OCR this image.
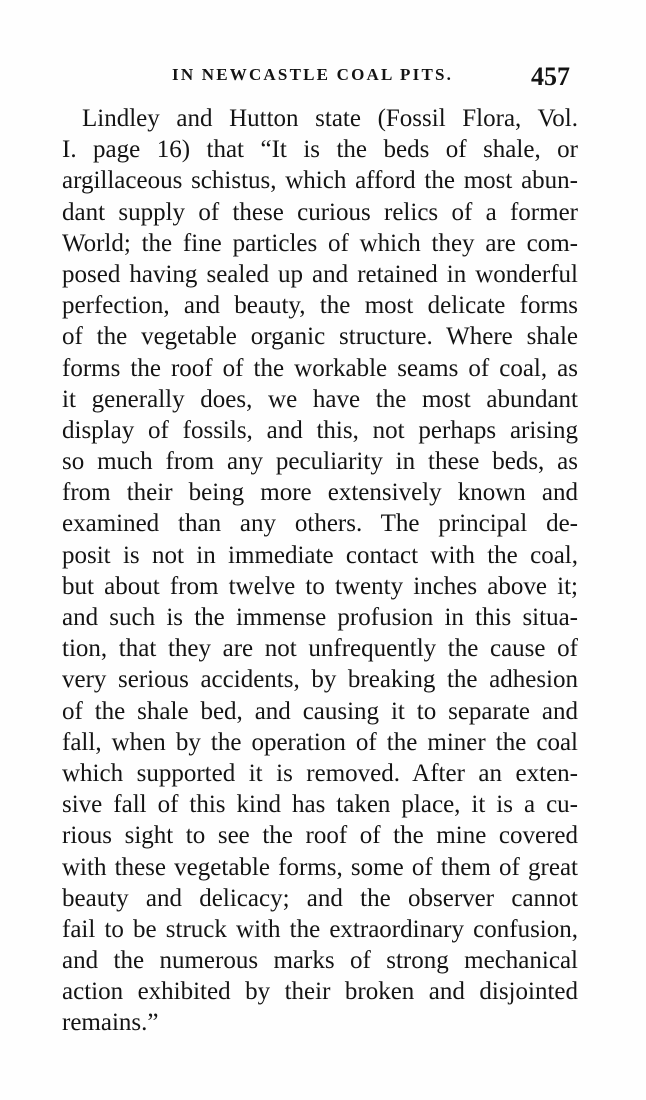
IN NEWCASTLE COAL PITS.	457
Lindley and Hutton state (Fossil Flora, Vol.
I. page 16) that “It is the beds of shale, or
argillaceous schistus, which afford the most abun-
dant supply of these curious relics of a former
World; the fine particles of which they are com-
posed having sealed up and retained in wonderful
perfection, and beauty, the most delicate forms
of the vegetable organic structure. Where shale
forms the roof of the workable seams of coal, as
it generally does, we have the most abundant
display of fossils, and this, not perhaps arising
so much from any peculiarity in these beds, as
from their being more extensively known and
examined than any others. The principal de-
posit is not in immediate contact with the coal,
but about from twelve to twenty inches above it;
and such is the immense profusion in this situa-
tion, that they are not unfrequently the cause of
very serious accidents, by breaking the adhesion
of the shale bed, and causing it to separate and
fall, when by the operation of the miner the coal
which supported it is removed. After an exten-
sive fall of this kind has taken place, it is a cu-
rious sight to see the roof of the mine covered
with these vegetable forms, some of them of great
beauty and delicacy; and the observer cannot
fail to be struck with the extraordinary confusion,
and the numerous marks of strong mechanical
action exhibited by their broken and disjointed
remains.”
